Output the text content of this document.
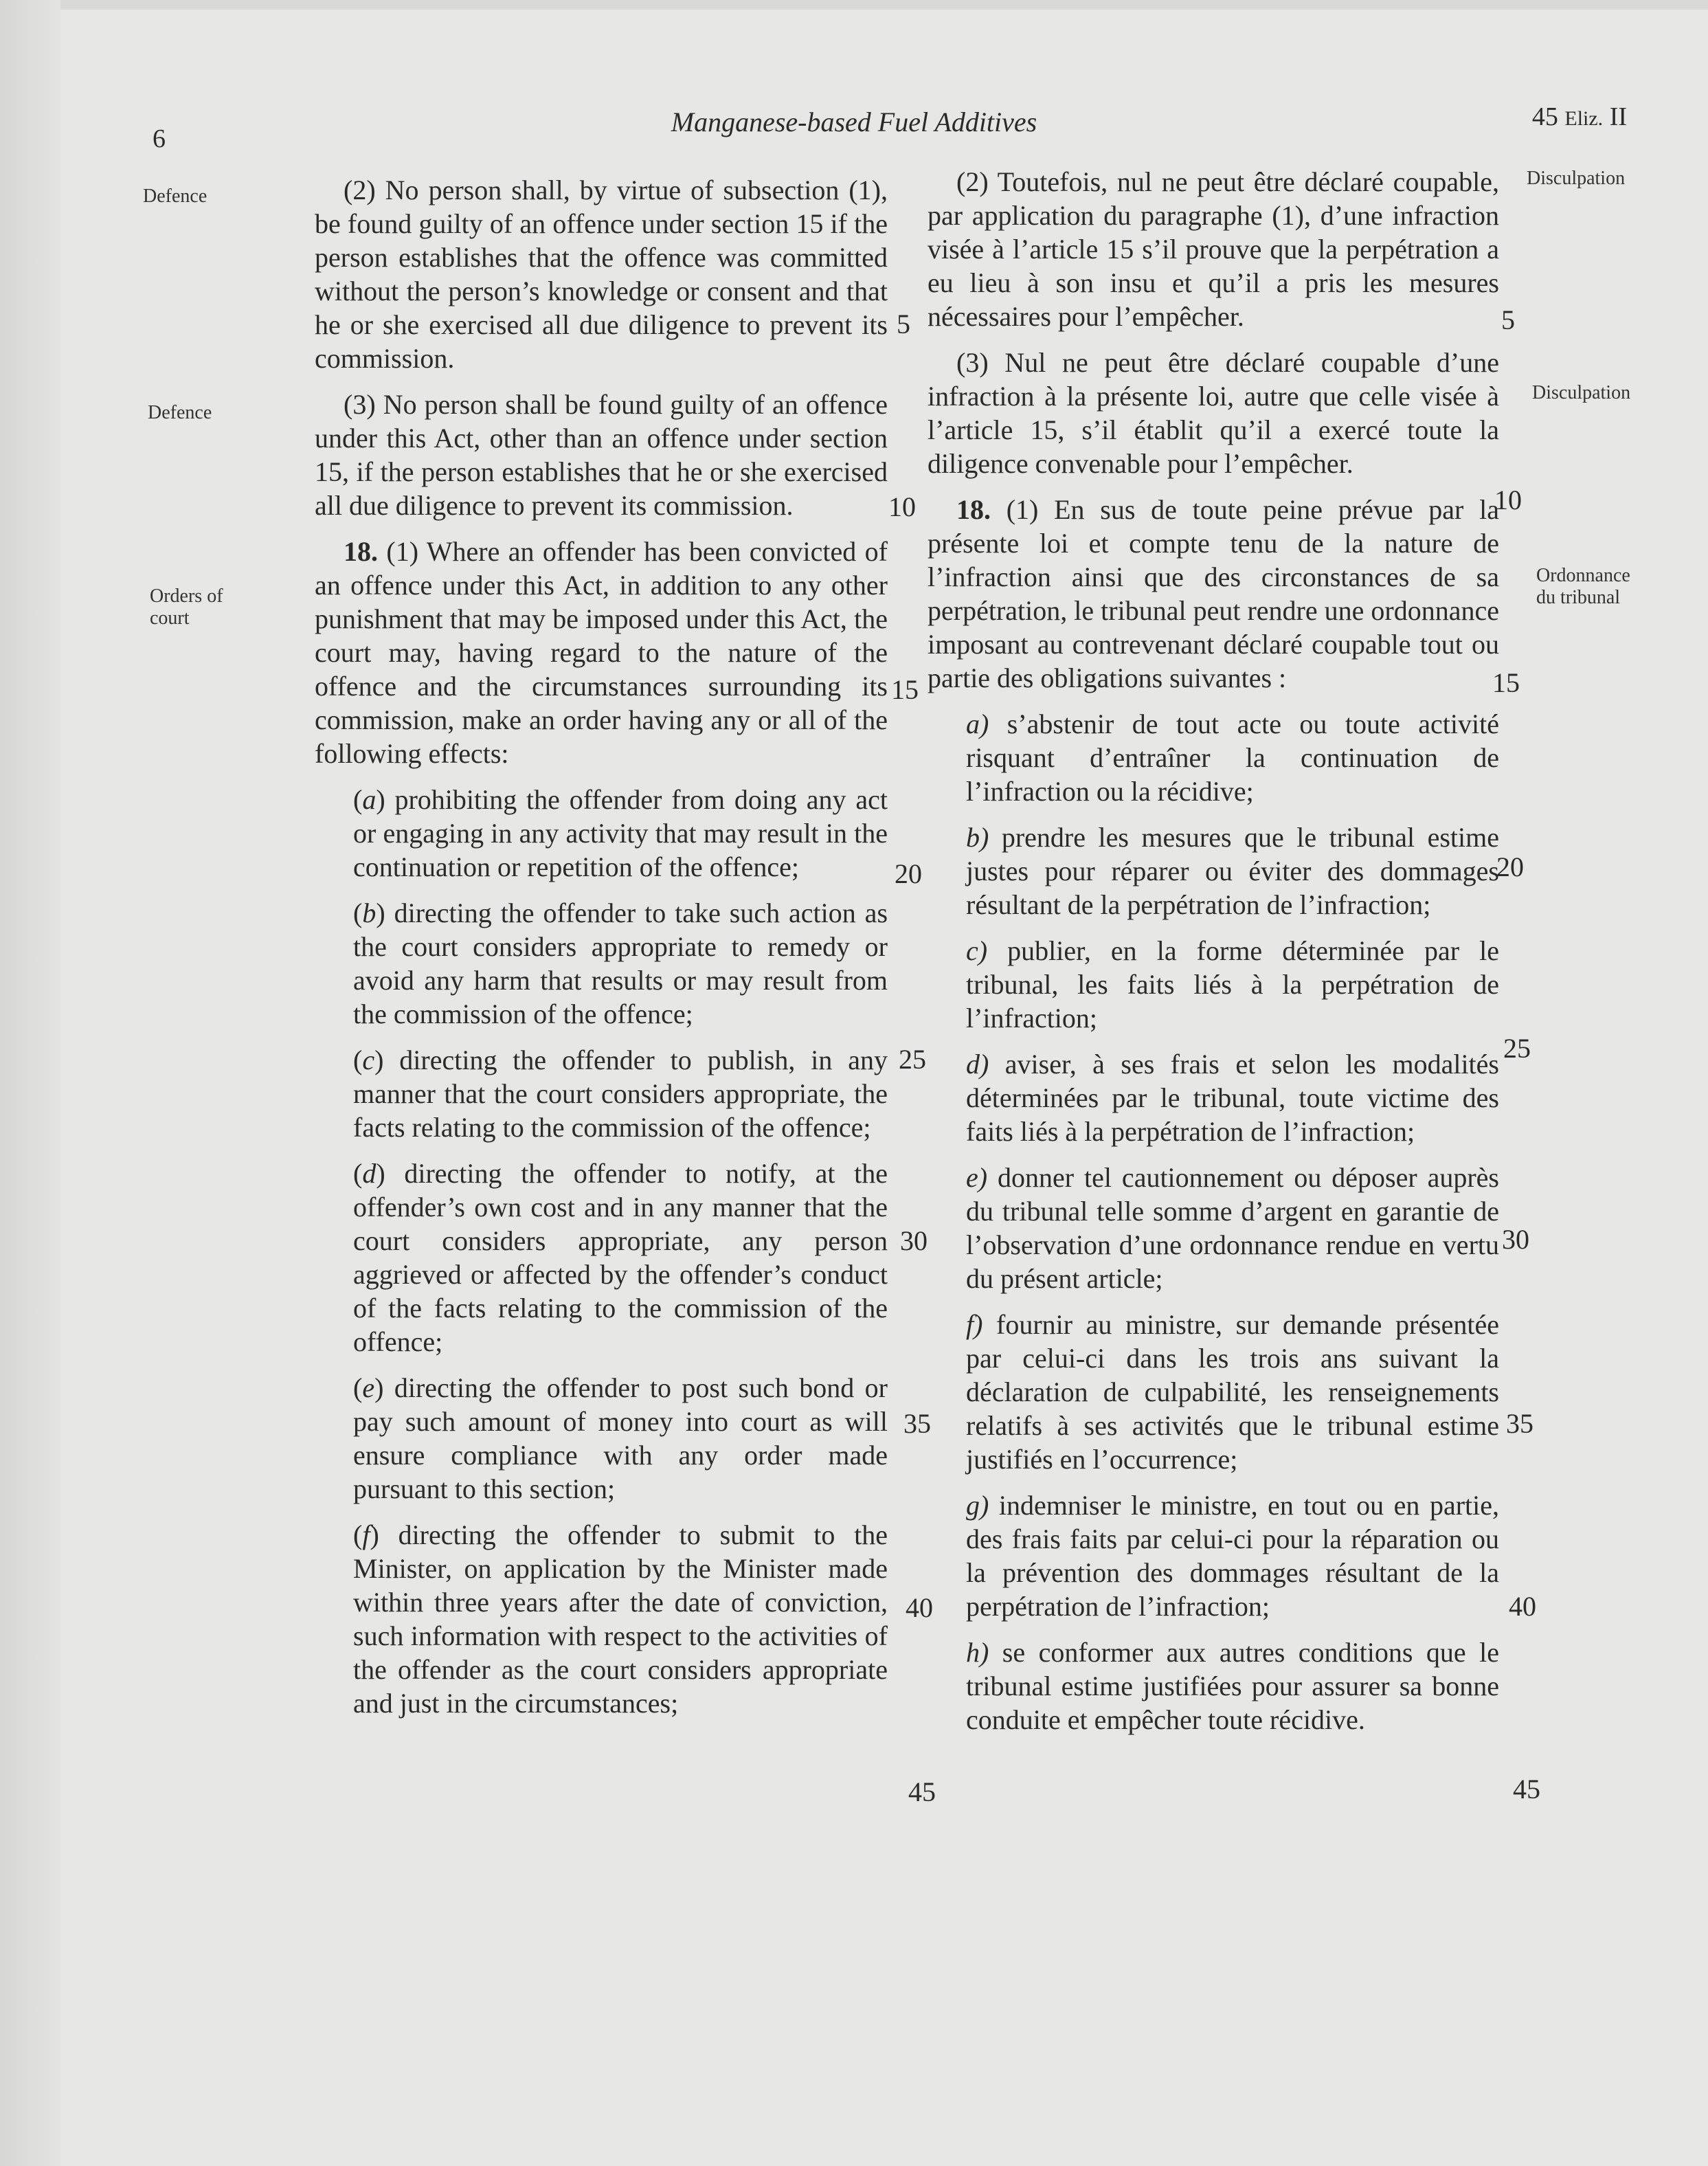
6
Manganese-based Fuel Additives	45 Eliz. II
Defence
Defence
Orders of
court
Disculpation
Disculpation
Ordonnance
du tribunal

(2) No person shall, by virtue of subsection (1), be found guilty of an offence under section 15 if the person establishes that the offence was committed without the person’s knowledge or consent and that he or she exercised all due diligence to prevent its commission.

(3) No person shall be found guilty of an offence under this Act, other than an offence under section 15, if the person establishes that he or she exercised all due diligence to prevent its commission.

18. (1) Where an offender has been convicted of an offence under this Act, in addition to any other punishment that may be imposed under this Act, the court may, having regard to the nature of the offence and the circumstances surrounding its commission, make an order having any or all of the following effects:

(a) prohibiting the offender from doing any act or engaging in any activity that may result in the continuation or repetition of the offence;

(b) directing the offender to take such action as the court considers appropriate to remedy or avoid any harm that results or may result from the commission of the offence;

(c) directing the offender to publish, in any manner that the court considers appropriate, the facts relating to the commission of the offence;

(d) directing the offender to notify, at the offender’s own cost and in any manner that the court considers appropriate, any person aggrieved or affected by the offender’s conduct of the facts relating to the commission of the offence;

(e) directing the offender to post such bond or pay such amount of money into court as will ensure compliance with any order made pursuant to this section;

(f) directing the offender to submit to the Minister, on application by the Minister made within three years after the date of conviction, such information with respect to the activities of the offender as the court considers appropriate and just in the circumstances;

(2) Toutefois, nul ne peut être déclaré coupable, par application du paragraphe (1), d’une infraction visée à l’article 15 s’il prouve que la perpétration a eu lieu à son insu et qu’il a pris les mesures nécessaires pour l’empêcher.

(3) Nul ne peut être déclaré coupable d’une infraction à la présente loi, autre que celle visée à l’article 15, s’il établit qu’il a exercé toute la diligence convenable pour l’empêcher.

18. (1) En sus de toute peine prévue par la présente loi et compte tenu de la nature de l’infraction ainsi que des circonstances de sa perpétration, le tribunal peut rendre une ordonnance imposant au contrevenant déclaré coupable tout ou partie des obligations suivantes :

a) s’abstenir de tout acte ou toute activité risquant d’entraîner la continuation de l’infraction ou la récidive;

b) prendre les mesures que le tribunal estime justes pour réparer ou éviter des dommages résultant de la perpétration de l’infraction;

c) publier, en la forme déterminée par le tribunal, les faits liés à la perpétration de l’infraction;

d) aviser, à ses frais et selon les modalités déterminées par le tribunal, toute victime des faits liés à la perpétration de l’infraction;

e) donner tel cautionnement ou déposer auprès du tribunal telle somme d’argent en garantie de l’observation d’une ordonnance rendue en vertu du présent article;

f) fournir au ministre, sur demande présentée par celui-ci dans les trois ans suivant la déclaration de culpabilité, les renseignements relatifs à ses activités que le tribunal estime justifiés en l’occurrence;

g) indemniser le ministre, en tout ou en partie, des frais faits par celui-ci pour la réparation ou la prévention des dommages résultant de la perpétration de l’infraction;

h) se conformer aux autres conditions que le tribunal estime justifiées pour assurer sa bonne conduite et empêcher toute récidive.

5
10
15
20
25
30
35
40
45
5
10
15
20
25
30
35
40
45
